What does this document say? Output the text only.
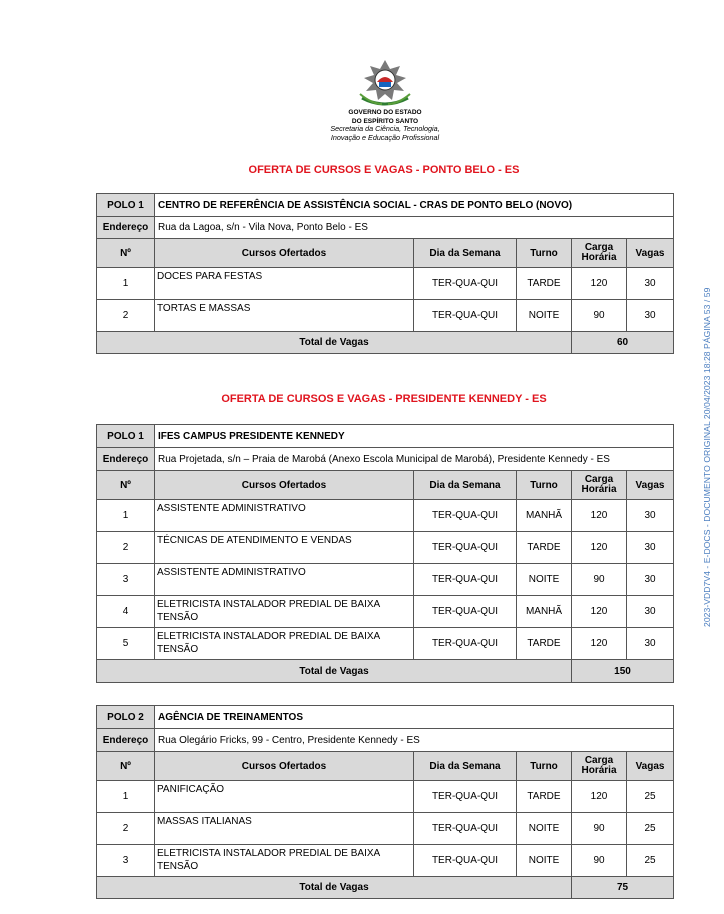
GOVERNO DO ESTADO
DO ESPÍRITO SANTO
Secretaria da Ciência, Tecnologia,
Inovação e Educação Profissional
OFERTA DE CURSOS E VAGAS - PONTO BELO - ES
POLO 1	CENTRO DE REFERÊNCIA DE ASSISTÊNCIA SOCIAL - CRAS DE PONTO BELO (NOVO)				
Endereço	Rua da Lagoa, s/n - Vila Nova, Ponto Belo - ES				
Nº	Cursos Ofertados	Dia da Semana	Turno	Carga
Horária	Vagas
1	DOCES PARA FESTAS	TER-QUA-QUI	TARDE	120	30
2	TORTAS E MASSAS	TER-QUA-QUI	NOITE	90	30
Total de Vagas				60	
OFERTA DE CURSOS E VAGAS - PRESIDENTE KENNEDY - ES
POLO 1	IFES CAMPUS PRESIDENTE KENNEDY				
Endereço	Rua Projetada, s/n – Praia de Marobá (Anexo Escola Municipal de Marobá), Presidente Kennedy - ES				
Nº	Cursos Ofertados	Dia da Semana	Turno	Carga
Horária	Vagas
1	ASSISTENTE ADMINISTRATIVO	TER-QUA-QUI	MANHÃ	120	30
2	TÉCNICAS DE ATENDIMENTO E VENDAS	TER-QUA-QUI	TARDE	120	30
3	ASSISTENTE ADMINISTRATIVO	TER-QUA-QUI	NOITE	90	30
4	ELETRICISTA INSTALADOR PREDIAL DE BAIXA
TENSÃO	TER-QUA-QUI	MANHÃ	120	30
5	ELETRICISTA INSTALADOR PREDIAL DE BAIXA
TENSÃO	TER-QUA-QUI	TARDE	120	30
Total de Vagas				150	
POLO 2	AGÊNCIA DE TREINAMENTOS				
Endereço	Rua Olegário Fricks, 99 - Centro, Presidente Kennedy - ES				
Nº	Cursos Ofertados	Dia da Semana	Turno	Carga
Horária	Vagas
1	PANIFICAÇÃO	TER-QUA-QUI	TARDE	120	25
2	MASSAS ITALIANAS	TER-QUA-QUI	NOITE	90	25
3	ELETRICISTA INSTALADOR PREDIAL DE BAIXA
TENSÃO	TER-QUA-QUI	NOITE	90	25
Total de Vagas				75	
2023-VDD7V4 - E-DOCS - DOCUMENTO ORIGINAL 20/04/2023 18:28 PÁGINA 53 / 59
